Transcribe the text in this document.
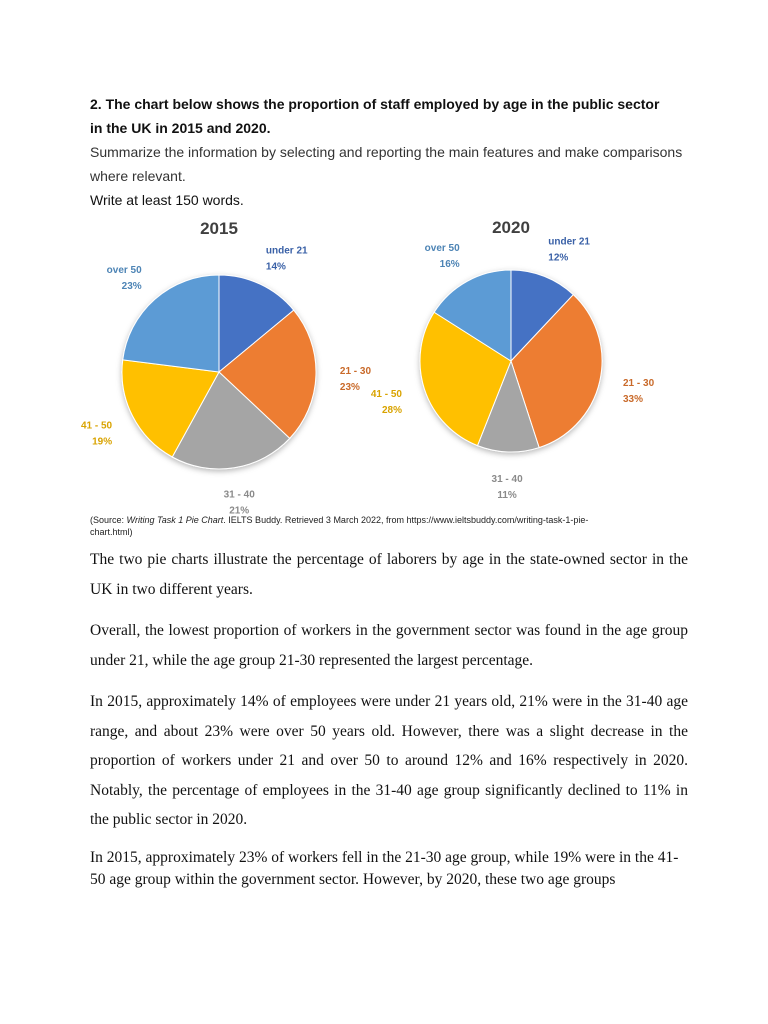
2. The chart below shows the proportion of staff employed by age in the public sector
in the UK in 2015 and 2020.

Summarize the information by selecting and reporting the main features and make comparisons
where relevant.

Write at least 150 words.

2015
under 21
14%
21 - 30
23%
31 - 40
21%
41 - 50
19%
over 50
23%
2020
under 21
12%
21 - 30
33%
31 - 40
11%
41 - 50
28%
over 50
16%
(Source: Writing Task 1 Pie Chart. IELTS Buddy. Retrieved 3 March 2022, from https://www.ieltsbuddy.com/writing-task-1-pie-
chart.html)

The two pie charts illustrate the percentage of laborers by age in the state-owned sector in the UK in two different years.

Overall, the lowest proportion of workers in the government sector was found in the age group under 21, while the age group 21-30 represented the largest percentage.

In 2015, approximately 14% of employees were under 21 years old, 21% were in the 31-40 age range, and about 23% were over 50 years old. However, there was a slight decrease in the proportion of workers under 21 and over 50 to around 12% and 16% respectively in 2020. Notably, the percentage of employees in the 31-40 age group significantly declined to 11% in the public sector in 2020.

In 2015, approximately 23% of workers fell in the 21-30 age group, while 19% were in the 41-50 age group within the government sector. However, by 2020, these two age groups
